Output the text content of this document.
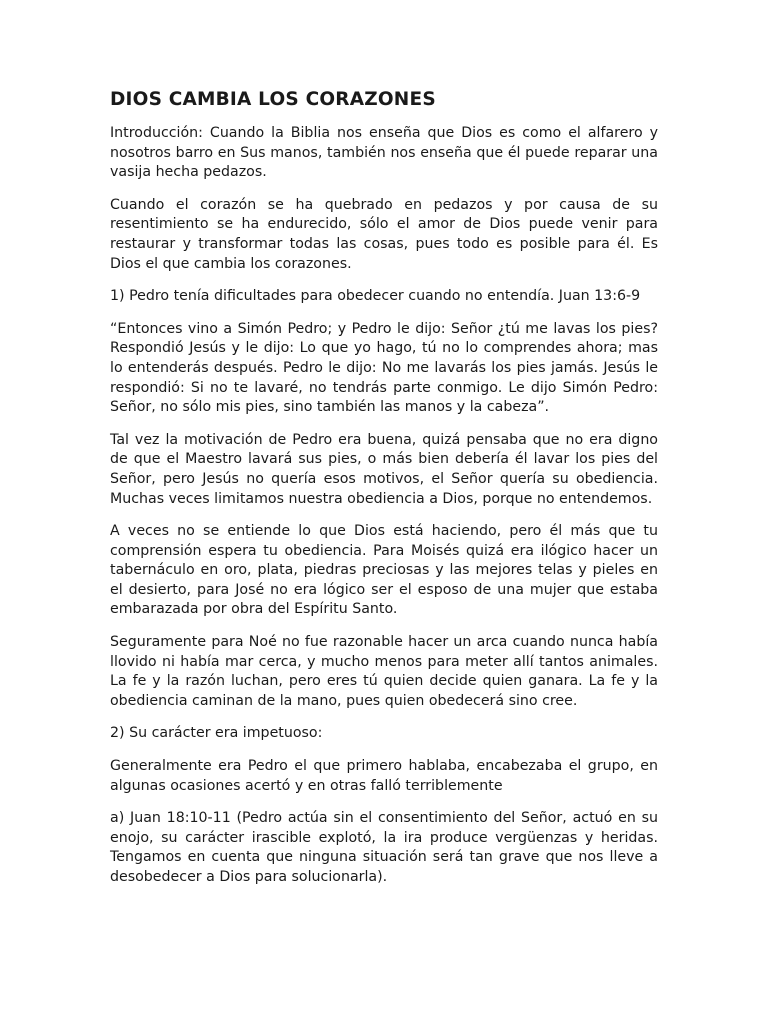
DIOS CAMBIA LOS CORAZONES

Introducción: Cuando la Biblia nos enseña que Dios es como el alfarero y nosotros barro en Sus manos, también nos enseña que él puede reparar una vasija hecha pedazos.

Cuando el corazón se ha quebrado en pedazos y por causa de su resentimiento se ha endurecido, sólo el amor de Dios puede venir para restaurar y transformar todas las cosas, pues todo es posible para él. Es Dios el que cambia los corazones.

1) Pedro tenía dificultades para obedecer cuando no entendía. Juan 13:6-9

“Entonces vino a Simón Pedro; y Pedro le dijo: Señor ¿tú me lavas los pies? Respondió Jesús y le dijo: Lo que yo hago, tú no lo comprendes ahora; mas lo entenderás después. Pedro le dijo: No me lavarás los pies jamás. Jesús le respondió: Si no te lavaré, no tendrás parte conmigo. Le dijo Simón Pedro: Señor, no sólo mis pies, sino también las manos y la cabeza”.

Tal vez la motivación de Pedro era buena, quizá pensaba que no era digno de que el Maestro lavará sus pies, o más bien debería él lavar los pies del Señor, pero Jesús no quería esos motivos, el Señor quería su obediencia. Muchas veces limitamos nuestra obediencia a Dios, porque no entendemos.

A veces no se entiende lo que Dios está haciendo, pero él más que tu comprensión espera tu obediencia. Para Moisés quizá era ilógico hacer un tabernáculo en oro, plata, piedras preciosas y las mejores telas y pieles en el desierto, para José no era lógico ser el esposo de una mujer que estaba embarazada por obra del Espíritu Santo.

Seguramente para Noé no fue razonable hacer un arca cuando nunca había llovido ni había mar cerca, y mucho menos para meter allí tantos animales. La fe y la razón luchan, pero eres tú quien decide quien ganara. La fe y la obediencia caminan de la mano, pues quien obedecerá sino cree.

2) Su carácter era impetuoso:

Generalmente era Pedro el que primero hablaba, encabezaba el grupo, en algunas ocasiones acertó y en otras falló terriblemente

a) Juan 18:10-11 (Pedro actúa sin el consentimiento del Señor, actuó en su enojo, su carácter irascible explotó, la ira produce vergüenzas y heridas. Tengamos en cuenta que ninguna situación será tan grave que nos lleve a desobedecer a Dios para solucionarla).
